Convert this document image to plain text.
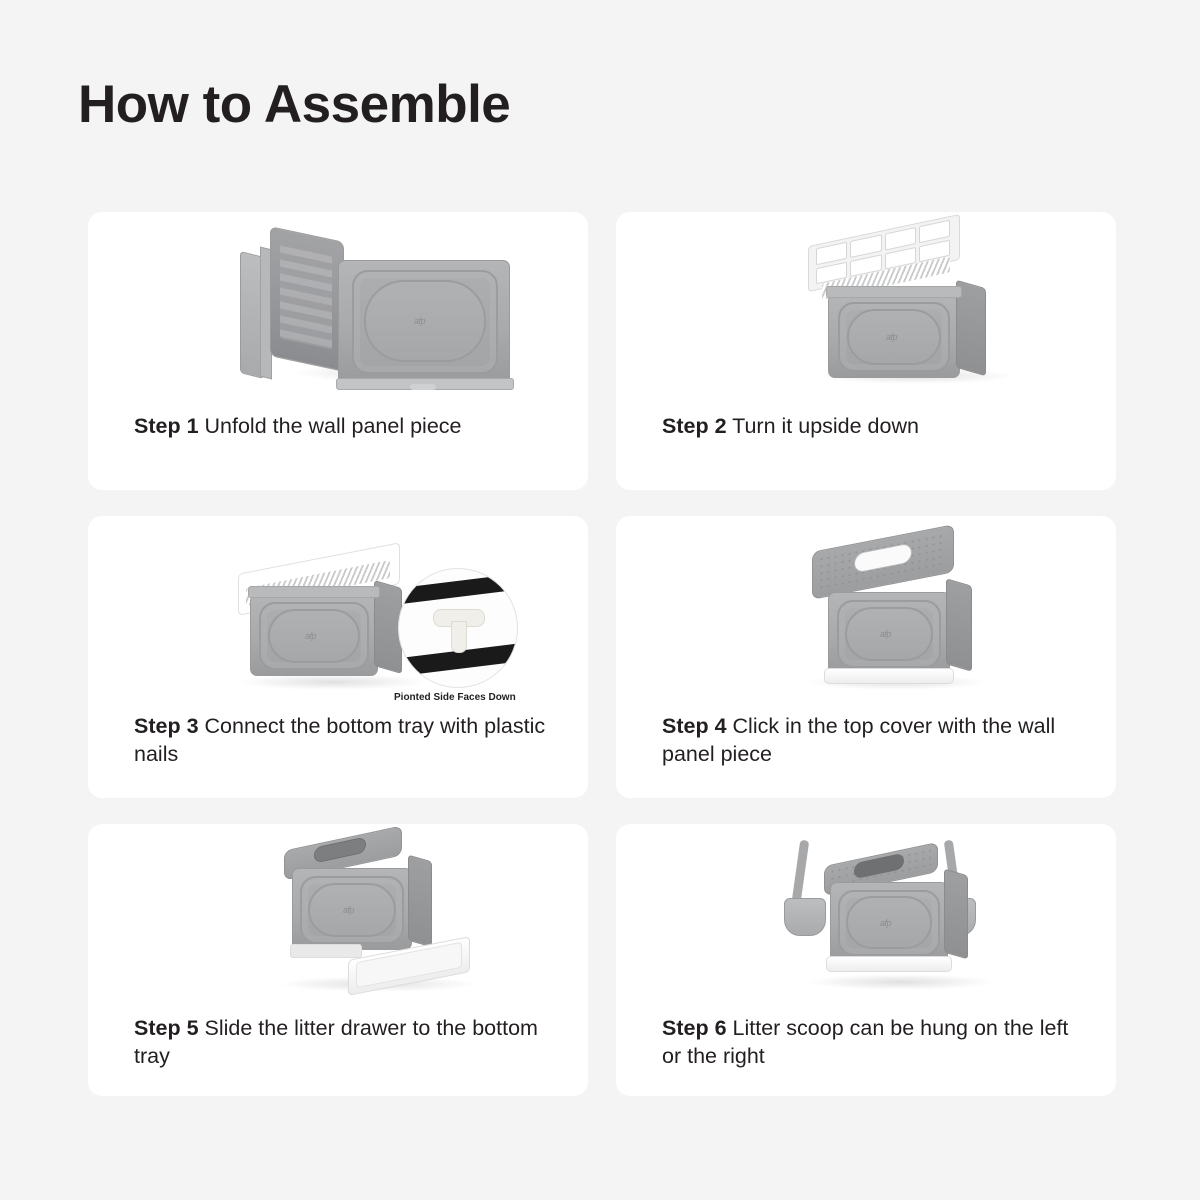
How to Assemble
afp
Step 1 Unfold the wall panel piece
afp
Step 2 Turn it upside down
afp
Pionted Side Faces Down
Step 3 Connect the bottom tray with plastic nails
afp
Step 4 Click in the top cover with the wall panel piece
afp
Step 5 Slide the litter drawer to the bottom tray
afp
Step 6 Litter scoop can be hung on the left or the right
